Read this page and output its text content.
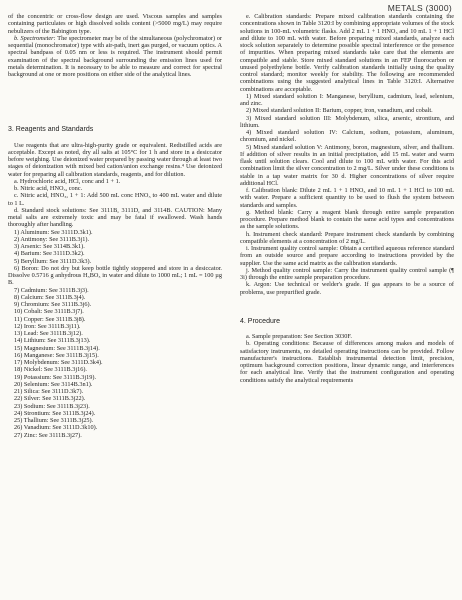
METALS (3000)

of the concentric or cross-flow design are used. Viscous samples and samples containing particulates or high dissolved solids content (>5000 mg/L) may require nebulizers of the Babington type.

b. Spectrometer: The spectrometer may be of the simultaneous (polychromator) or sequential (monochromator) type with air-path, inert gas purged, or vacuum optics. A spectral bandpass of 0.05 nm or less is required. The instrument should permit examination of the spectral background surrounding the emission lines used for metals determination. It is necessary to be able to measure and correct for spectral background at one or more positions on either side of the analytical lines.

3. Reagents and Standards

Use reagents that are ultra-high-purity grade or equivalent. Redistilled acids are acceptable. Except as noted, dry all salts at 105°C for 1 h and store in a desiccator before weighing. Use deionized water prepared by passing water through at least two stages of deionization with mixed bed cation/anion exchange resins.⁴ Use deionized water for preparing all calibration standards, reagents, and for dilution.

a. Hydrochloric acid, HCl, conc and 1 + 1.

b. Nitric acid, HNO₃, conc.

c. Nitric acid, HNO₃, 1 + 1: Add 500 mL conc HNO₃ to 400 mL water and dilute to 1 L.

d. Standard stock solutions: See 3111B, 3111D, and 3114B. CAUTION: Many metal salts are extremely toxic and may be fatal if swallowed. Wash hands thoroughly after handling.

1) Aluminum: See 3111D.3k1).

2) Antimony: See 3111B.3j1).

3) Arsenic: See 3114B.3k1).

4) Barium: See 3111D.3k2).

5) Beryllium: See 3111D.3k3).

6) Boron: Do not dry but keep bottle tightly stoppered and store in a desiccator. Dissolve 0.5716 g anhydrous H₃BO₃ in water and dilute to 1000 mL; 1 mL = 100 µg B.

7) Cadmium: See 3111B.3j3).

8) Calcium: See 3111B.3j4).

9) Chromium: See 3111B.3j6).

10) Cobalt: See 3111B.3j7).

11) Copper: See 3111B.3j8).

12) Iron: See 3111B.3j11).

13) Lead: See 3111B.3j12).

14) Lithium: See 3111B.3j13).

15) Magnesium: See 3111B.3j14).

16) Manganese: See 3111B.3j15).

17) Molybdenum: See 3111D.3k4).

18) Nickel: See 3111B.3j16).

19) Potassium: See 3111B.3j19).

20) Selenium: See 3114B.3n1).

21) Silica: See 3111D.3k7).

22) Silver: See 3111B.3j22).

23) Sodium: See 3111B.3j23).

24) Strontium: See 3111B.3j24).

25) Thallium: See 3111B.3j25).

26) Vanadium: See 3111D.3k10).

27) Zinc: See 3111B.3j27).

e. Calibration standards: Prepare mixed calibration standards containing the concentrations shown in Table 3120:I by combining appropriate volumes of the stock solutions in 100-mL volumetric flasks. Add 2 mL 1 + 1 HNO₃ and 10 mL 1 + 1 HCl and dilute to 100 mL with water. Before preparing mixed standards, analyze each stock solution separately to determine possible spectral interference or the presence of impurities. When preparing mixed standards take care that the elements are compatible and stable. Store mixed standard solutions in an FEP fluorocarbon or unused polyethylene bottle. Verify calibration standards initially using the quality control standard; monitor weekly for stability. The following are recommended combinations using the suggested analytical lines in Table 3120:I. Alternative combinations are acceptable.

1) Mixed standard solution I: Manganese, beryllium, cadmium, lead, selenium, and zinc.

2) Mixed standard solution II: Barium, copper, iron, vanadium, and cobalt.

3) Mixed standard solution III: Molybdenum, silica, arsenic, strontium, and lithium.

4) Mixed standard solution IV: Calcium, sodium, potassium, aluminum, chromium, and nickel.

5) Mixed standard solution V: Antimony, boron, magnesium, silver, and thallium. If addition of silver results in an initial precipitation, add 15 mL water and warm flask until solution clears. Cool and dilute to 100 mL with water. For this acid combination limit the silver concentration to 2 mg/L. Silver under these conditions is stable in a tap water matrix for 30 d. Higher concentrations of silver require additional HCl.

f. Calibration blank: Dilute 2 mL 1 + 1 HNO₃ and 10 mL 1 + 1 HCl to 100 mL with water. Prepare a sufficient quantity to be used to flush the system between standards and samples.

g. Method blank: Carry a reagent blank through entire sample preparation procedure. Prepare method blank to contain the same acid types and concentrations as the sample solutions.

h. Instrument check standard: Prepare instrument check standards by combining compatible elements at a concentration of 2 mg/L.

i. Instrument quality control sample: Obtain a certified aqueous reference standard from an outside source and prepare according to instructions provided by the supplier. Use the same acid matrix as the calibration standards.

j. Method quality control sample: Carry the instrument quality control sample (¶ 3i) through the entire sample preparation procedure.

k. Argon: Use technical or welder's grade. If gas appears to be a source of problems, use prepurified grade.

4. Procedure

a. Sample preparation: See Section 3030F.

b. Operating conditions: Because of differences among makes and models of satisfactory instruments, no detailed operating instructions can be provided. Follow manufacturer's instructions. Establish instrumental detection limit, precision, optimum background correction positions, linear dynamic range, and interferences for each analytical line. Verify that the instrument configuration and operating conditions satisfy the analytical requirements
